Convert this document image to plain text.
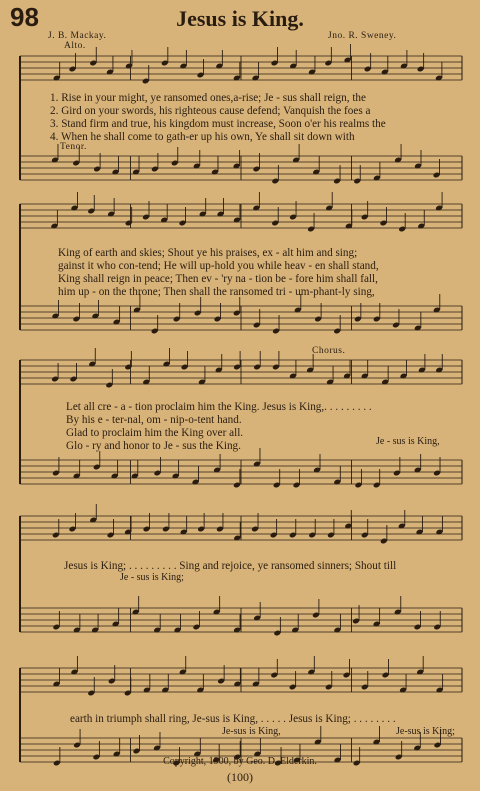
98	Jesus is King.
J. B. Mackay.	Jno. R. Sweney.
Alto.
1. Rise in your might, ye ransomed ones,a-rise; Je - sus shall reign, the
2. Gird on your swords, his righteous cause defend; Vanquish the foes a
3. Stand firm and true, his kingdom must increase, Soon o'er his realms the
4. When he shall come to gath-er up his own, Ye shall sit down with
Tenor.
King of earth and skies; Shout ye his praises, ex - alt him and sing;
gainst it who con-tend; He will up-hold you while heav - en shall stand,
King shall reign in peace; Then ev - 'ry na - tion be - fore him shall fall,
him up - on the throne; Then shall the ransomed tri - um-phant-ly sing,
Chorus.
Let all cre - a - tion proclaim him the King. Jesus is King,. . . . . . . . .
By his e - ter-nal, om - nip-o-tent hand.
Glad to proclaim him the King over all.
Glo - ry and honor to Je - sus the King.	Je - sus is King,
Jesus is King; . . . . . . . . . Sing and rejoice, ye ransomed sinners; Shout till
Je - sus is King;
earth in triumph shall ring, Je-sus is King, . . . . . Jesus is King; . . . . . . . .
Je-sus is King,	Je-sus is King;
Copyright, 1900, by Geo. D. Elderkin.
(100)
